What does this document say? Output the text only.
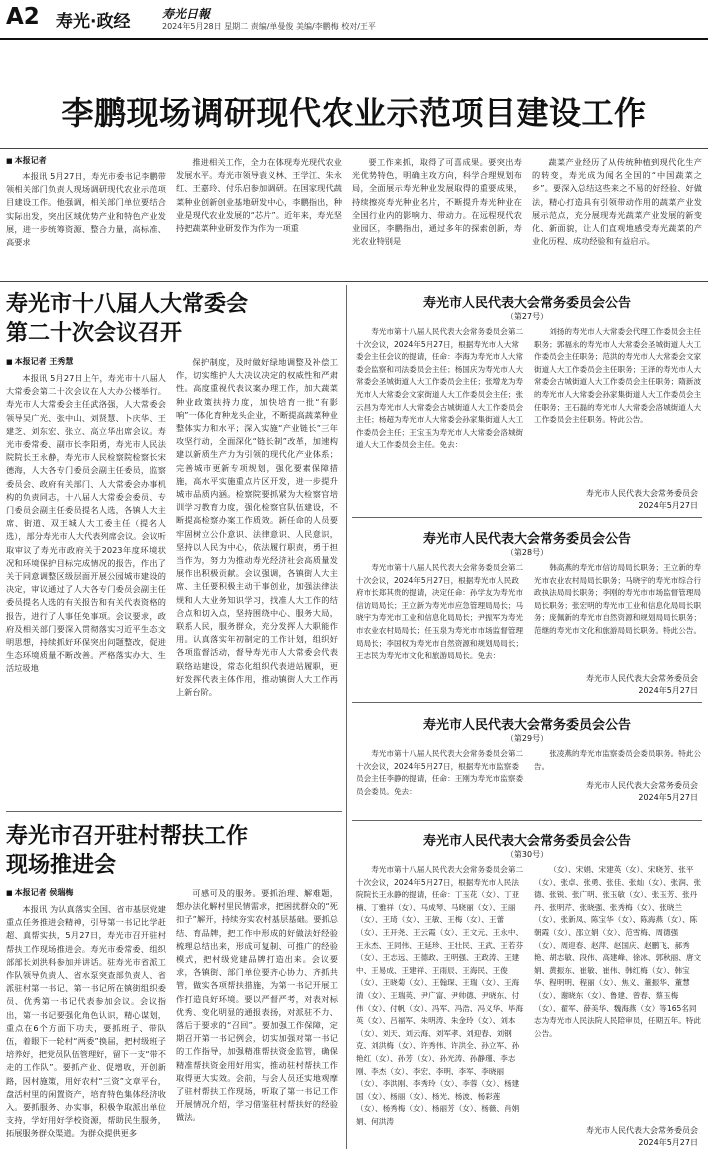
A2 寿光·政经	寿光日報
2024年5月28日 星期二 责编/单曼俊 美编/李鹏梅 校对/王平
李鹏现场调研现代农业示范项目建设工作
■ 本报记者

本报讯 5月27日，寿光市委书记李鹏带领相关部门负责人现场调研现代农业示范项目建设工作。他强调，相关部门单位要结合实际出发，突出区域优势产业和特色产业发展，进一步统筹资源、整合力量，高标准、高要求

推进相关工作，全力在体现寿光现代农业发展水平。寿光市领导袁义林、王学江、朱永红、王嘉玲、付乐启参加调研。在国家现代蔬菜种业创新创业基地研发中心，李鹏指出，种业是现代农业发展的“芯片”。近年来，寿光坚持把蔬菜种业研发作为作为一项重

要工作来抓，取得了可喜成果。要突出寿光优势特色，明确主攻方向，科学合理规划布局，全面展示寿光种业发展取得的重要成果，持续擦亮寿光种业名片，不断提升寿光种业在全国行业内的影响力、带动力。在远程现代农业园区，李鹏指出，通过多年的探索创新，寿光农业特别是

蔬菜产业经历了从传统种植到现代化生产的转变，寿光成为闻名全国的“中国蔬菜之乡”。要深入总结这些来之不易的好经验、好做法，精心打造具有引领带动作用的蔬菜产业发展示范点，充分展现寿光蔬菜产业发展的新变化、新面貌，让人们直观地感受寿光蔬菜的产业化历程、成功经验和有益启示。

寿光市十八届人大常委会
第二十次会议召开
■ 本报记者 王秀慧

本报讯 5月27日上午，寿光市十八届人大常委会第二十次会议在人大办公楼举行。寿光市人大常委会主任武洛强，人大常委会领导吴广光、张中山、刘贤慧、卜庆华、王建芝、刘东宏、张立、高立华出席会议。寿光市委常委、副市长李阳勇，寿光市人民法院院长王永静，寿光市人民检察院检察长宋德海，人大各专门委员会副主任委员，监察委员会、政府有关部门、人大常委会办事机构的负责同志，十八届人大常委会委员、专门委员会副主任委员提名人选，各镇人大主席、街道、双王城人大工委主任（提名人选），部分寿光市人大代表列席会议。会议听取审议了寿光市政府关于2023年度环境状况和环境保护目标完成情况的报告，作出了关于同意调整区级层面开展公园城市建设的决定，审议通过了人大各专门委员会副主任委员提名人选的有关报告和有关代表资格的报告，进行了人事任免事项。会议要求，政府及相关部门要深入贯彻落实习近平生态文明思想，持续抓好环保突出问题整改，促进生态环境质量不断改善。严格落实办大、生活垃圾地

保护制度，及时做好绿地调整及补偿工作，切实维护人大决议决定的权威性和严肃性。高度重视代表议案办理工作，加大蔬菜种业政策扶持力度，加快培育一批“有影响”一体化育种龙头企业，不断提高蔬菜种业整体实力和水平；深入实施“产业链长”三年攻坚行动，全面深化“链长制”改革，加速构建以新质生产力为引领的现代化产业体系；完善城市更新专项规划，强化要素保障措施，高水平实施重点片区开发，进一步提升城市品质内涵。检察院要抓紧为大检察官培训学习教育力度，强化检察官队伍建设，不断提高检察办案工作质效。新任命的人员要牢固树立公仆意识、法律意识、人民意识，坚持以人民为中心，依法履行职责，勇于担当作为，努力为推动寿光经济社会高质量发展作出积极贡献。会议强调，各镇街人大主席、主任要积极主动干事创业，加强法律法规和人大业务知识学习，找准人大工作的结合点和切入点，坚持围绕中心、服务大局，联系人民，服务群众，充分发挥人大职能作用。认真落实年初制定的工作计划，组织好各项监督活动，督导寿光市人大常委会代表联络站建设，常态化组织代表进站履职，更好发挥代表主体作用，推动镇街人大工作再上新台阶。

寿光市召开驻村帮扶工作
现场推进会
■ 本报记者 侯瑞梅

本报讯 为认真落实全国、省市基层党建重点任务推进会精神，引导第一书记比学赶超、真帮实扶，5月27日，寿光市召开驻村帮扶工作现场推进会。寿光市委常委、组织部部长刘洪科参加并讲话。驻寿光市省派工作队领导负责人、省水泵突查部负责人、省派驻村第一书记、第一书记所在镇街组织委员、优秀第一书记代表参加会议。会议指出，第一书记要强化角色认识，精心谋划，重点在6个方面下功夫，要抓班子、带队伍，着眼下一轮村“两委”换届，把村级班子培养好，把党员队伍管理好，留下一支“带不走的工作队”。要抓产业、促增收，开创新路，因村施策，用好农村“三资”文章平台，盘活村里的闲置资产，培育特色集体经济收入。要抓服务、办实事，积极争取派出单位支持，学好用好学校资源，帮助民生服务，拓展服务群众渠道。为群众提供更多

可感可及的服务。要抓治理、解难题，想办法化解村里民情需求，把困扰群众的“死扣子”解开，持续夯实农村基层基础。要抓总结、育品牌，把工作中形成的好做法好经验梳理总结出来，形成可复制、可推广的经验模式，把村级党建品牌打造出来。会议要求，各镇街、部门单位要齐心协力、齐抓共管，做实各项帮扶措施，为第一书记开展工作打造良好环境。要以严督严考，对表对标优秀、变化明显的通报表扬，对派驻不力、落后于要求的“召回”。要加强工作保障，定期召开第一书记例会，切实加强对第一书记的工作指导，加强精准帮扶资金监管，确保精准帮扶资金用好用实，推动驻村帮扶工作取得更大实效。会前，与会人员还实地观摩了驻村帮扶工作现场，听取了第一书记工作开展情况介绍，学习借鉴驻村帮扶好的经验做法。

寿光市人民代表大会常务委员会公告
（第27号）

寿光市第十八届人民代表大会常务委员会第二十次会议，2024年5月27日，根据寿光市人大常委会主任会议的提请，任命：李海为寿光市人大常委会监察和司法委员会主任；杨国庆为寿光市人大常委会圣城街道人大工作委员会主任；张增龙为寿光市人大常委会文家街道人大工作委员会主任；张云昌为寿光市人大常委会古城街道人大工作委员会主任；杨超为寿光市人大常委会孙家集街道人大工作委员会主任；王宝玉为寿光市人大常委会洛城街道人大工作委员会主任。免去：

刘扬的寿光市人大常委会代理工作委员会主任职务；郭福永的寿光市人大常委会圣城街道人大工作委员会主任职务；范洪的寿光市人大常委会文家街道人大工作委员会主任职务；王泽的寿光市人大常委会古城街道人大工作委员会主任职务；隋新波的寿光市人大常委会孙家集街道人大工作委员会主任职务；王石磊的寿光市人大常委会洛城街道人大工作委员会主任职务。特此公告。

寿光市人民代表大会常务委员会
2024年5月27日
寿光市人民代表大会常务委员会公告
（第28号）

寿光市第十八届人民代表大会常务委员会第二十次会议，2024年5月27日，根据寿光市人民政府市长郑其贵的提请，决定任命：孙学友为寿光市信访局局长；王立新为寿光市应急管理局局长；马晓宇为寿光市工业和信息化局局长；尹振军为寿光市农业农村局局长；任玉泉为寿光市市场监督管理局局长；李国权为寿光市自然资源和规划局局长；王志民为寿光市文化和旅游局局长。免去：

韩高燕的寿光市信访局局长职务；王立新的寿光市农业农村局局长职务；马晓宇的寿光市综合行政执法局局长职务；李刚的寿光市市场监督管理局局长职务；张宏明的寿光市工业和信息化局局长职务；庞佩新的寿光市自然资源和规划局局长职务；范继的寿光市文化和旅游局局长职务。特此公告。

寿光市人民代表大会常务委员会
2024年5月27日
寿光市人民代表大会常务委员会公告
（第29号）

寿光市第十八届人民代表大会常务委员会第二十次会议，2024年5月27日，根据寿光市监察委员会主任李静的提请，任命：王刚为寿光市监察委员会委员。免去：

张凌燕的寿光市监察委员会委员职务。特此公告。

寿光市人民代表大会常务委员会
2024年5月27日
寿光市人民代表大会常务委员会公告
（第30号）

寿光市第十八届人民代表大会常务委员会第二十次会议，2024年5月27日，根据寿光市人民法院院长王永静的提请，任命：丁玉花（女）、丁亚楠、丁雅祥（女）、马成琴、马晓丽（女）、王丽（女）、王琦（女）、王敏、王梅（女）、王蕾（女）、王开尧、王云霞（女）、王文元、王永中、王永杰、王同伟、王延珍、王壮民、王武、王若芬（女）、王志远、王德政、王明强、王政涛、王建中、王易成、王建祥、王雨辰、王海民、王俊（女）、王晓菊（女）、王翰琛、王瑞（女）、王海清（女）、王瑞英、尹广富、尹帅德、尹晓东、付伟（女）、付帆（女）、冯军、冯浩、冯义华、毕海英（女）、吕福军、朱明涛、朱金玲（女）、刘本（女）、刘天、刘云海、刘军孝、刘迎春、刘钢克、刘洪梅（女）、许秀伟、许洪全、孙立军、孙艳红（女）、孙芳（女）、孙光涛、孙静瑾、李志刚、李杰（女）、李宏、李明、李军、李晓丽（女）、李洪刚、李秀玲（女）、李蓉（女）、杨建国（女）、杨丽（女）、杨光、杨波、杨彩莲（女）、杨秀梅（女）、杨丽芳（女）、杨薇、肖娟娟、何洪涛

（女）、宋娟、宋建英（女）、宋晓芳、张平（女）、张卓、张勇、张佳、张灿（女）、张润、张德、张锐、张广明、张玉敏（女）、张玉芳、张丹丹、张明芹、张晓强、张秀梅（女）、张晓兰（女）、张新凤、陈宝华（女）、陈海燕（女）、陈朝霞（女）、邵立娟（女）、范雪梅、周德强（女）、周迎春、赵萍、赵国庆、赵鹏飞、郝秀艳、胡志敏、段伟、高建峰、徐冰、郭秋丽、唐文娟、黄振东、崔敏、崔伟、韩红梅（女）、韩宝华、程明明、程丽（女）、焦义、董振华、董慧（女）、谢晓东（女）、鲁建、曾春、蔡玉梅（女）、翟军、薛美华、魏海燕（女）等165名同志为寿光市人民法院人民陪审员，任期五年。特此公告。

寿光市人民代表大会常务委员会
2024年5月27日
